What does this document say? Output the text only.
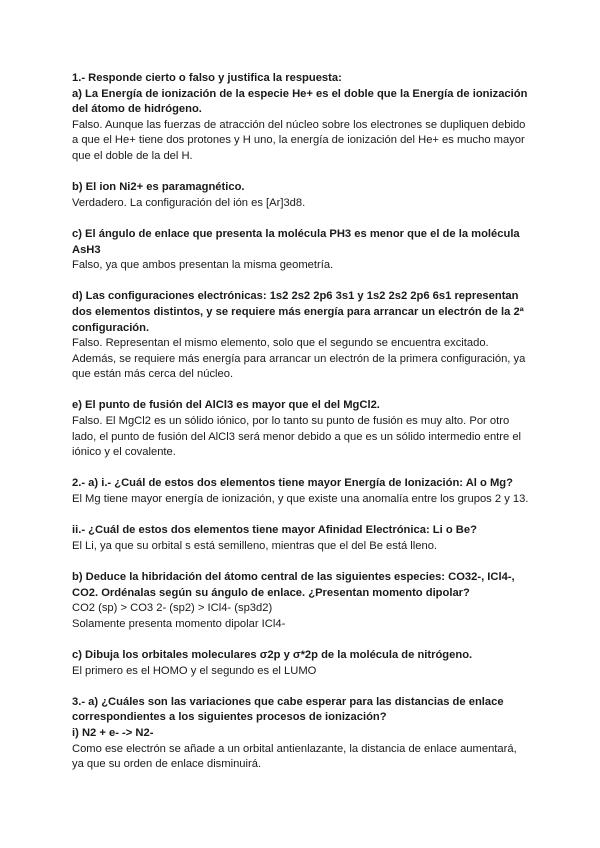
1.- Responde cierto o falso y justifica la respuesta:

a) La Energía de ionización de la especie He+ es el doble que la Energía de ionización

del átomo de hidrógeno.

Falso. Aunque las fuerzas de atracción del núcleo sobre los electrones se dupliquen debido

a que el He+ tiene dos protones y H uno, la energía de ionización del He+ es mucho mayor

que el doble de la del H.

b) El ion Ni2+ es paramagnético.

Verdadero. La configuración del ión es [Ar]3d8.

c) El ángulo de enlace que presenta la molécula PH3 es menor que el de la molécula

AsH3

Falso, ya que ambos presentan la misma geometría.

d) Las configuraciones electrónicas: 1s2 2s2 2p6 3s1 y 1s2 2s2 2p6 6s1 representan

dos elementos distintos, y se requiere más energía para arrancar un electrón de la 2ª

configuración.

Falso. Representan el mismo elemento, solo que el segundo se encuentra excitado.

Además, se requiere más energía para arrancar un electrón de la primera configuración, ya

que están más cerca del núcleo.

e) El punto de fusión del AlCl3 es mayor que el del MgCl2.

Falso. El MgCl2 es un sólido iónico, por lo tanto su punto de fusión es muy alto. Por otro

lado, el punto de fusión del AlCl3 será menor debido a que es un sólido intermedio entre el

iónico y el covalente.

2.- a) i.- ¿Cuál de estos dos elementos tiene mayor Energía de Ionización: Al o Mg?

El Mg tiene mayor energía de ionización, y que existe una anomalía entre los grupos 2 y 13.

ii.- ¿Cuál de estos dos elementos tiene mayor Afinidad Electrónica: Li o Be?

El Li, ya que su orbital s está semilleno, mientras que el del Be está lleno.

b) Deduce la hibridación del átomo central de las siguientes especies: CO32-, ICl4-,

CO2. Ordénalas según su ángulo de enlace. ¿Presentan momento dipolar?

CO2 (sp) > CO3 2- (sp2) > ICl4- (sp3d2)

Solamente presenta momento dipolar ICl4-

c) Dibuja los orbitales moleculares σ2p y σ*2p de la molécula de nitrógeno.

El primero es el HOMO y el segundo es el LUMO

3.- a) ¿Cuáles son las variaciones que cabe esperar para las distancias de enlace

correspondientes a los siguientes procesos de ionización?

i) N2 + e- -> N2-

Como ese electrón se añade a un orbital antienlazante, la distancia de enlace aumentará,

ya que su orden de enlace disminuirá.
